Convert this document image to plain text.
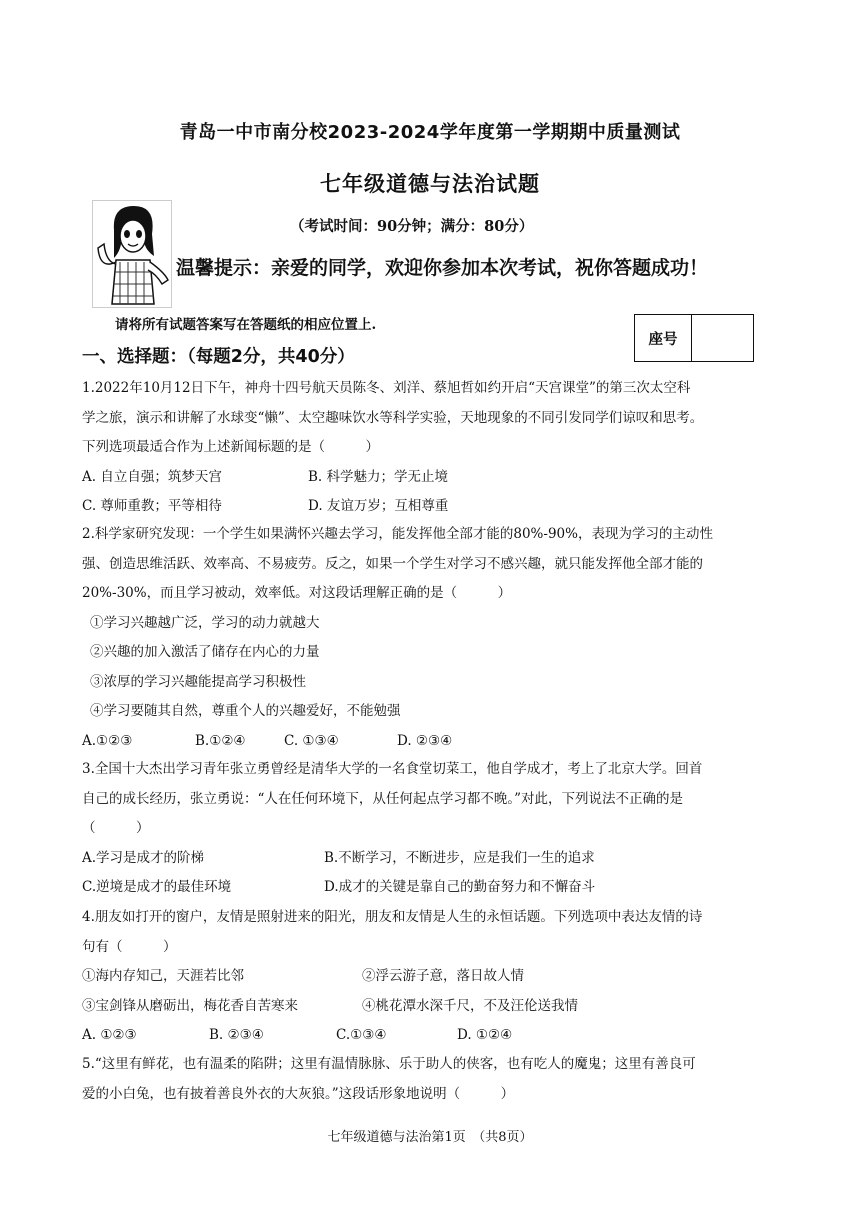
青岛一中市南分校2023-2024学年度第一学期期中质量测试
七年级道德与法治试题
（考试时间：90分钟；满分：80分）
温馨提示：亲爱的同学，欢迎你参加本次考试，祝你答题成功！
请将所有试题答案写在答题纸的相应位置上.
座号
一、选择题：（每题2分，共40分）
1.2022年10月12日下午，神舟十四号航天员陈冬、刘洋、蔡旭哲如约开启“天宫课堂”的第三次太空科
学之旅，演示和讲解了水球变“懒”、太空趣味饮水等科学实验，天地现象的不同引发同学们谅叹和思考。
下列选项最适合作为上述新闻标题的是（　　　）
A. 自立自强；筑梦天宫	B. 科学魅力；学无止境
C. 尊师重教；平等相待	D. 友谊万岁；互相尊重
2.科学家研究发现：一个学生如果满怀兴趣去学习，能发挥他全部才能的80%-90%，表现为学习的主动性
强、创造思维活跃、效率高、不易疲劳。反之，如果一个学生对学习不感兴趣，就只能发挥他全部才能的
20%-30%，而且学习被动，效率低。对这段话理解正确的是（　　　）
①学习兴趣越广泛，学习的动力就越大
②兴趣的加入激活了储存在内心的力量
③浓厚的学习兴趣能提高学习积极性
④学习要随其自然，尊重个人的兴趣爱好，不能勉强
A.①②③	B.①②④	C. ①③④	D. ②③④
3.全国十大杰出学习青年张立勇曾经是清华大学的一名食堂切菜工，他自学成才，考上了北京大学。回首
自己的成长经历，张立勇说：“人在任何环境下，从任何起点学习都不晚。”对此，下列说法不正确的是
（　　　）
A.学习是成才的阶梯	B.不断学习，不断进步，应是我们一生的追求
C.逆境是成才的最佳环境	D.成才的关键是靠自己的勤奋努力和不懈奋斗
4.朋友如打开的窗户，友情是照射进来的阳光，朋友和友情是人生的永恒话题。下列选项中表达友情的诗
句有（　　　）
①海内存知己，天涯若比邻	②浮云游子意，落日故人情
③宝剑锋从磨砺出，梅花香自苦寒来	④桃花潭水深千尺，不及汪伦送我情
A. ①②③	B. ②③④	C.①③④	D. ①②④
5.“这里有鲜花，也有温柔的陷阱；这里有温情脉脉、乐于助人的侠客，也有吃人的魔鬼；这里有善良可
爱的小白兔，也有披着善良外衣的大灰狼。”这段话形象地说明（　　　）
七年级道德与法治第1页　（共8页）
